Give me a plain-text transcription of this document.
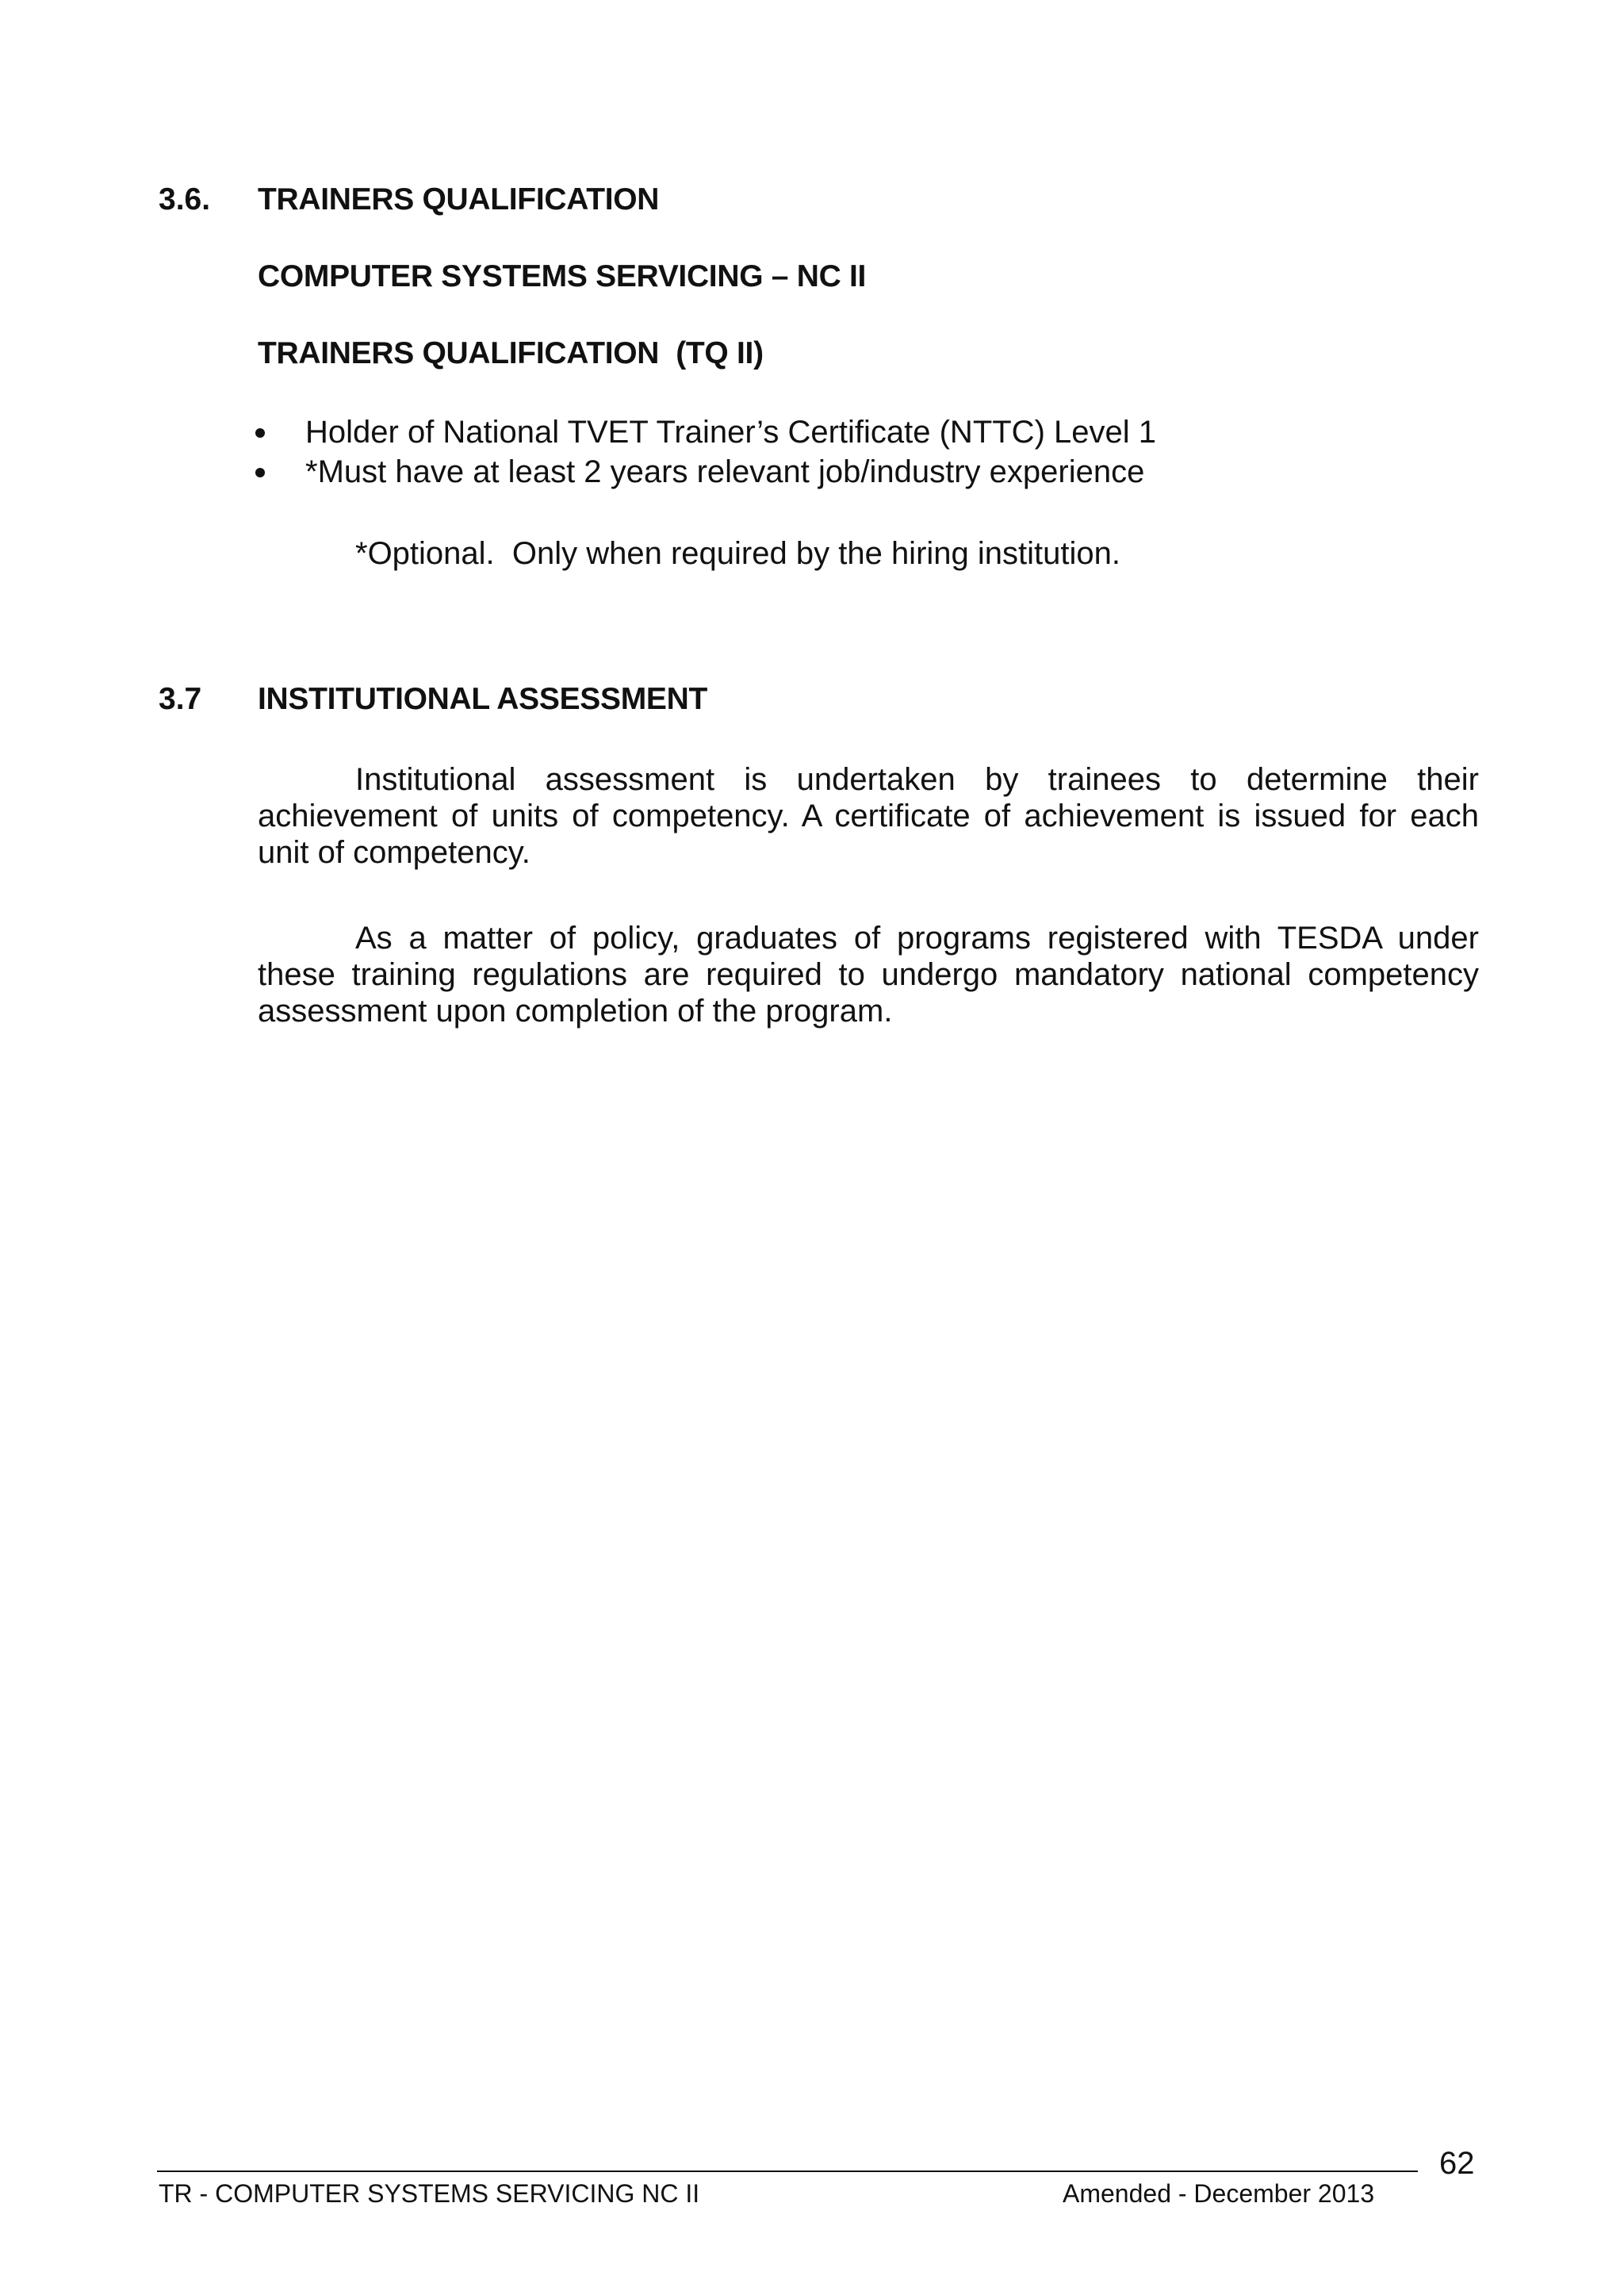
3.6. TRAINERS QUALIFICATION
COMPUTER SYSTEMS SERVICING – NC II
TRAINERS QUALIFICATION  (TQ II)
Holder of National TVET Trainer’s Certificate (NTTC) Level 1
*Must have at least 2 years relevant job/industry experience
*Optional.  Only when required by the hiring institution.
3.7 INSTITUTIONAL ASSESSMENT

Institutional assessment is undertaken by trainees to determine their achievement of units of competency. A certificate of achievement is issued for each unit of competency.

As a matter of policy, graduates of programs registered with TESDA under these training regulations are required to undergo mandatory national competency assessment upon completion of the program.

62
TR - COMPUTER SYSTEMS SERVICING NC II	Amended - December 2013
